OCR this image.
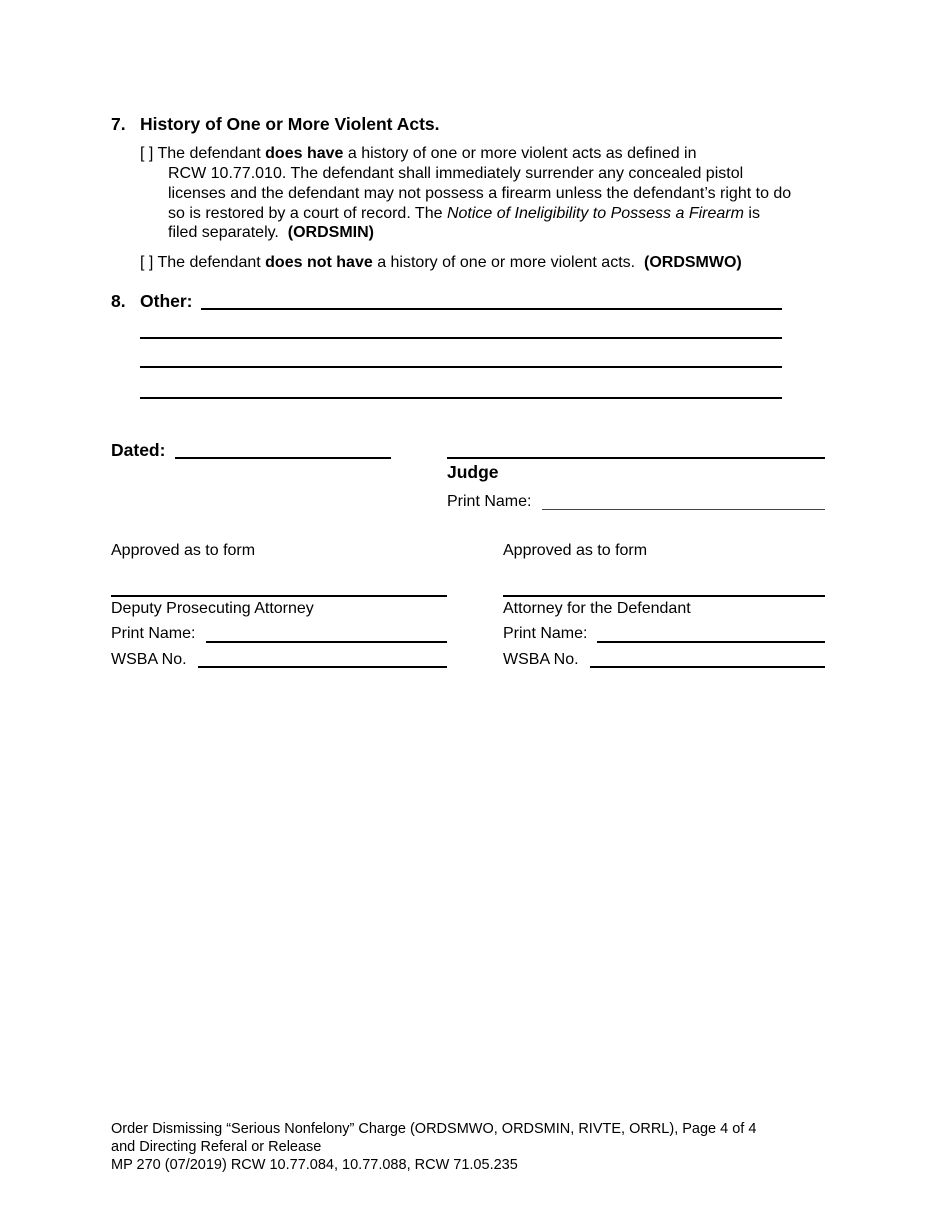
7. History of One or More Violent Acts.
[ ] The defendant does have a history of one or more violent acts as defined in
RCW 10.77.010. The defendant shall immediately surrender any concealed pistol
licenses and the defendant may not possess a firearm unless the defendant’s right to do
so is restored by a court of record. The Notice of Ineligibility to Possess a Firearm is
filed separately. (ORDSMIN)
[ ] The defendant does not have a history of one or more violent acts. (ORDSMWO)
8. Other:
Dated:
Judge
Print Name:
Approved as to form
Deputy Prosecuting Attorney
Print Name:
WSBA No.
Approved as to form
Attorney for the Defendant
Print Name:
WSBA No.
Order Dismissing “Serious Nonfelony” Charge (ORDSMWO, ORDSMIN, RIVTE, ORRL), Page 4 of 4
and Directing Referal or Release
MP 270 (07/2019) RCW 10.77.084, 10.77.088, RCW 71.05.235
